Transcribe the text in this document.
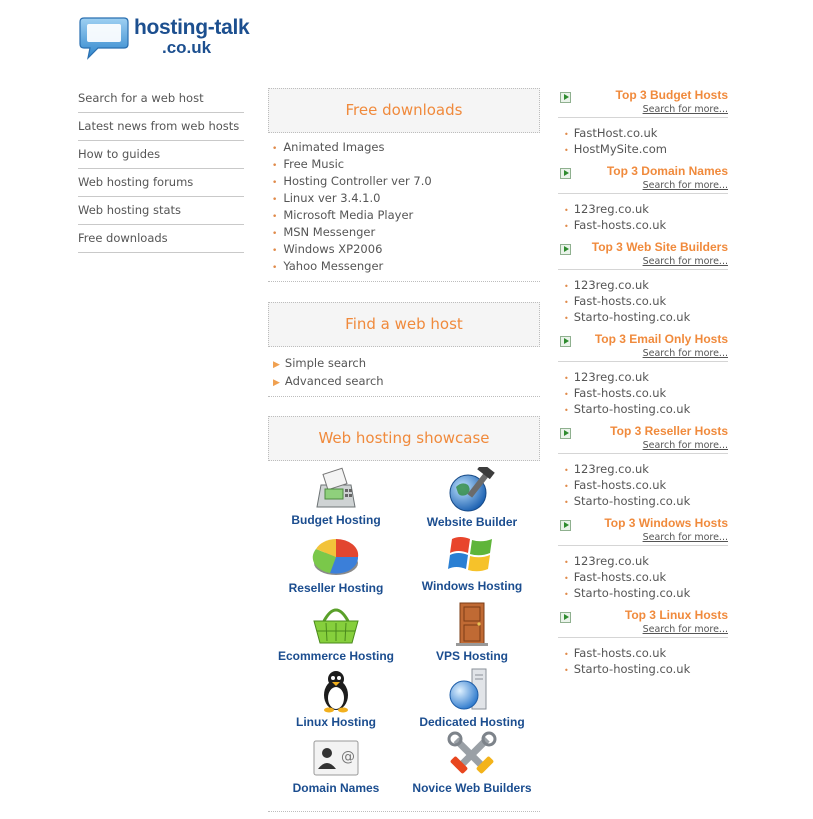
hosting-talk
.co.uk
Search for a web host
Latest news from web hosts
How to guides
Web hosting forums
Web hosting stats
Free downloads
Free downloads
• Animated Images
• Free Music
• Hosting Controller ver 7.0
• Linux ver 3.4.1.0
• Microsoft Media Player
• MSN Messenger
• Windows XP2006
• Yahoo Messenger
Find a web host
▶ Simple search
▶ Advanced search
Web hosting showcase
Budget Hosting	Website Builder
Reseller Hosting	Windows Hosting
Ecommerce Hosting	VPS Hosting
Linux Hosting	Dedicated Hosting
@
Domain Names	Novice Web Builders
Top 3 Budget Hosts
Search for more...
• FastHost.co.uk
• HostMySite.com
Top 3 Domain Names
Search for more...
• 123reg.co.uk
• Fast-hosts.co.uk
Top 3 Web Site Builders
Search for more...
• 123reg.co.uk
• Fast-hosts.co.uk
• Starto-hosting.co.uk
Top 3 Email Only Hosts
Search for more...
• 123reg.co.uk
• Fast-hosts.co.uk
• Starto-hosting.co.uk
Top 3 Reseller Hosts
Search for more...
• 123reg.co.uk
• Fast-hosts.co.uk
• Starto-hosting.co.uk
Top 3 Windows Hosts
Search for more...
• 123reg.co.uk
• Fast-hosts.co.uk
• Starto-hosting.co.uk
Top 3 Linux Hosts
Search for more...
• Fast-hosts.co.uk
• Starto-hosting.co.uk
